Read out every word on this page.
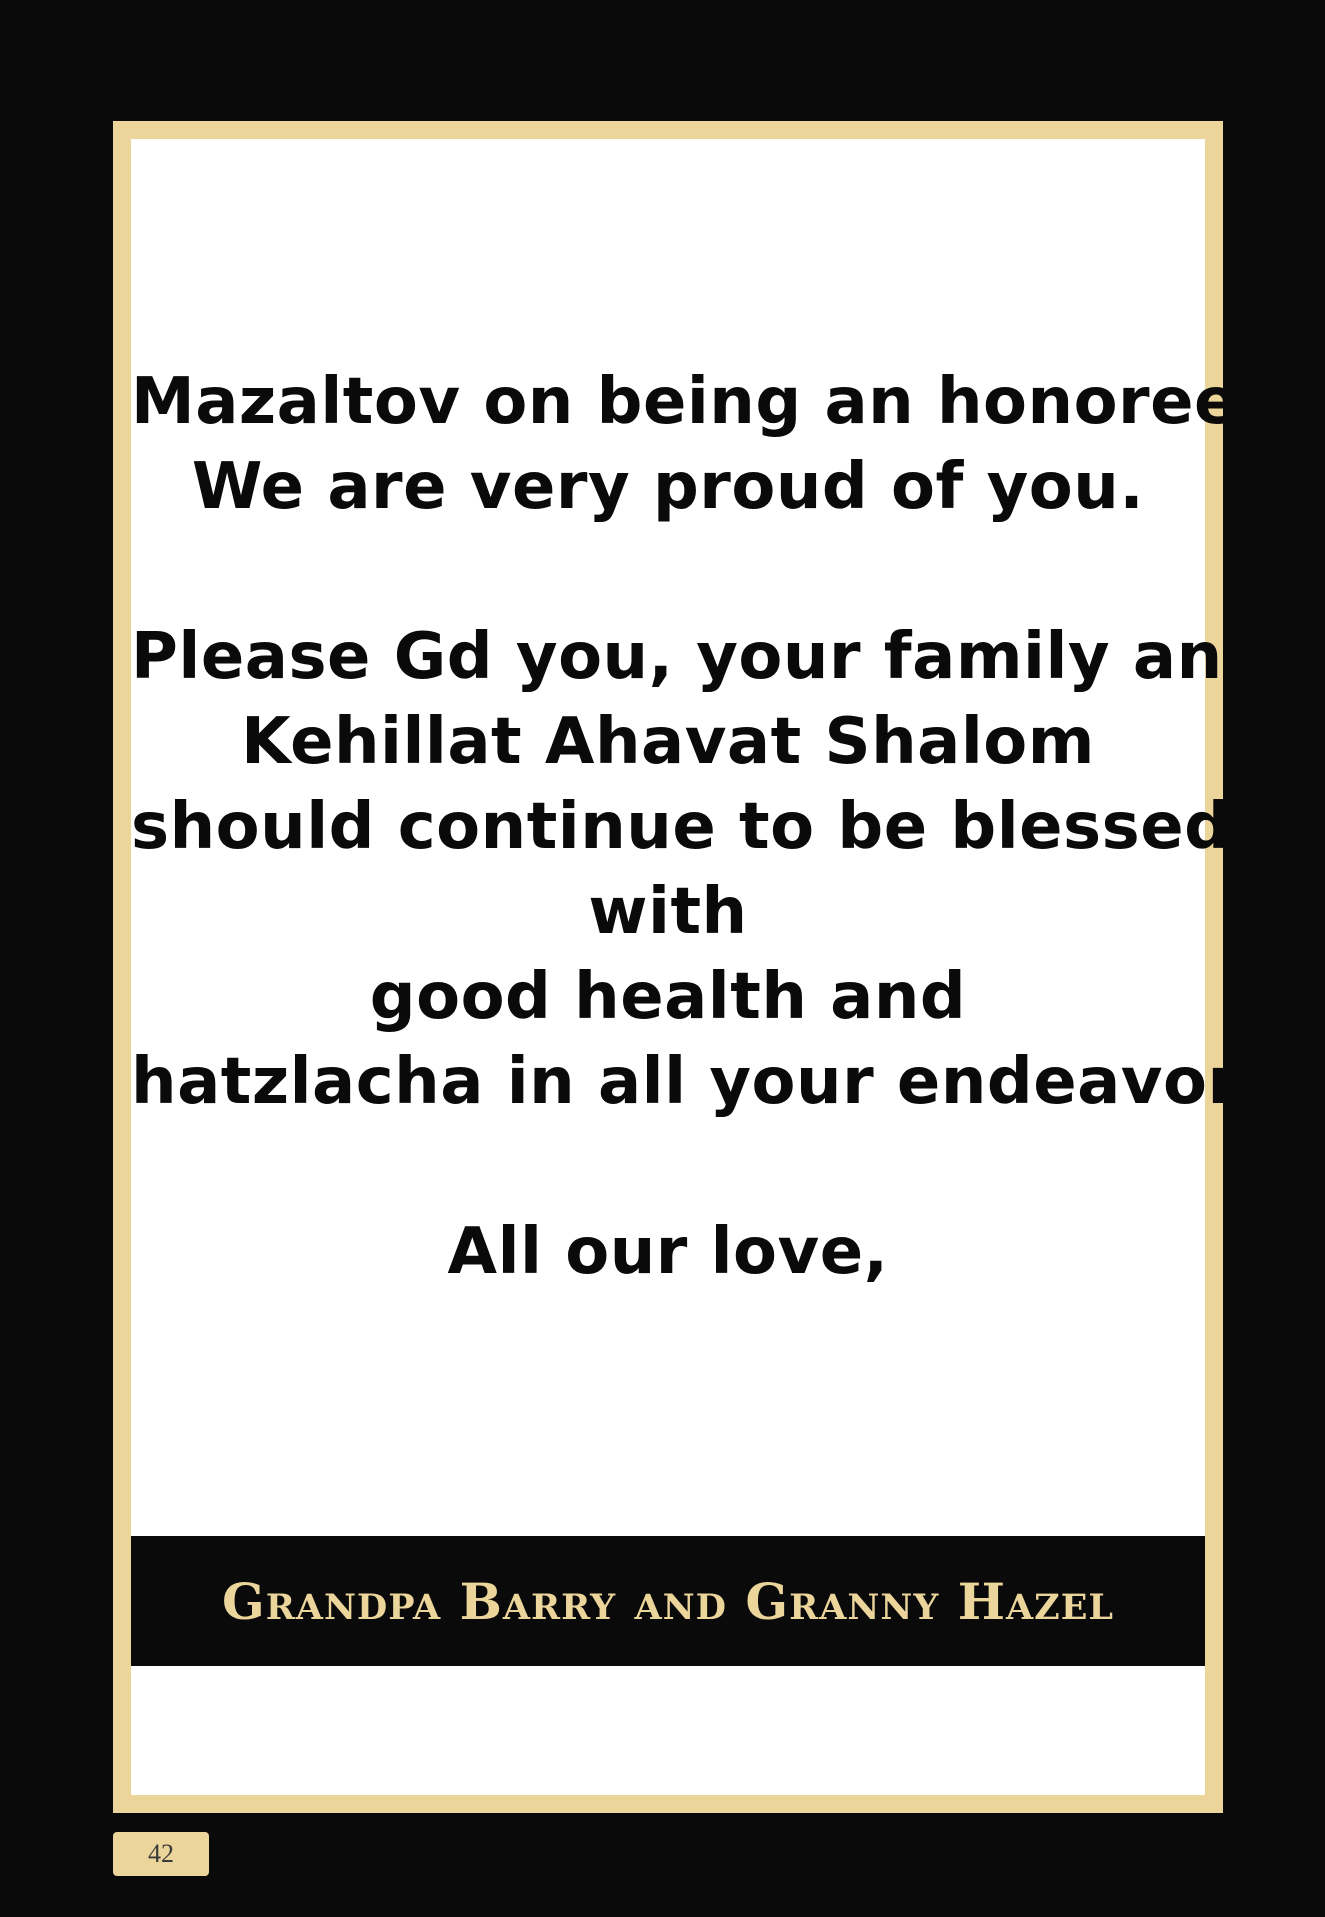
Mazaltov on being an honoree.
We are very proud of you.
Please Gd you, your family and
Kehillat Ahavat Shalom
should continue to be blessed
with
good health and
hatzlacha in all your endeavors.
All our love,
Grandpa Barry and Granny Hazel
42
